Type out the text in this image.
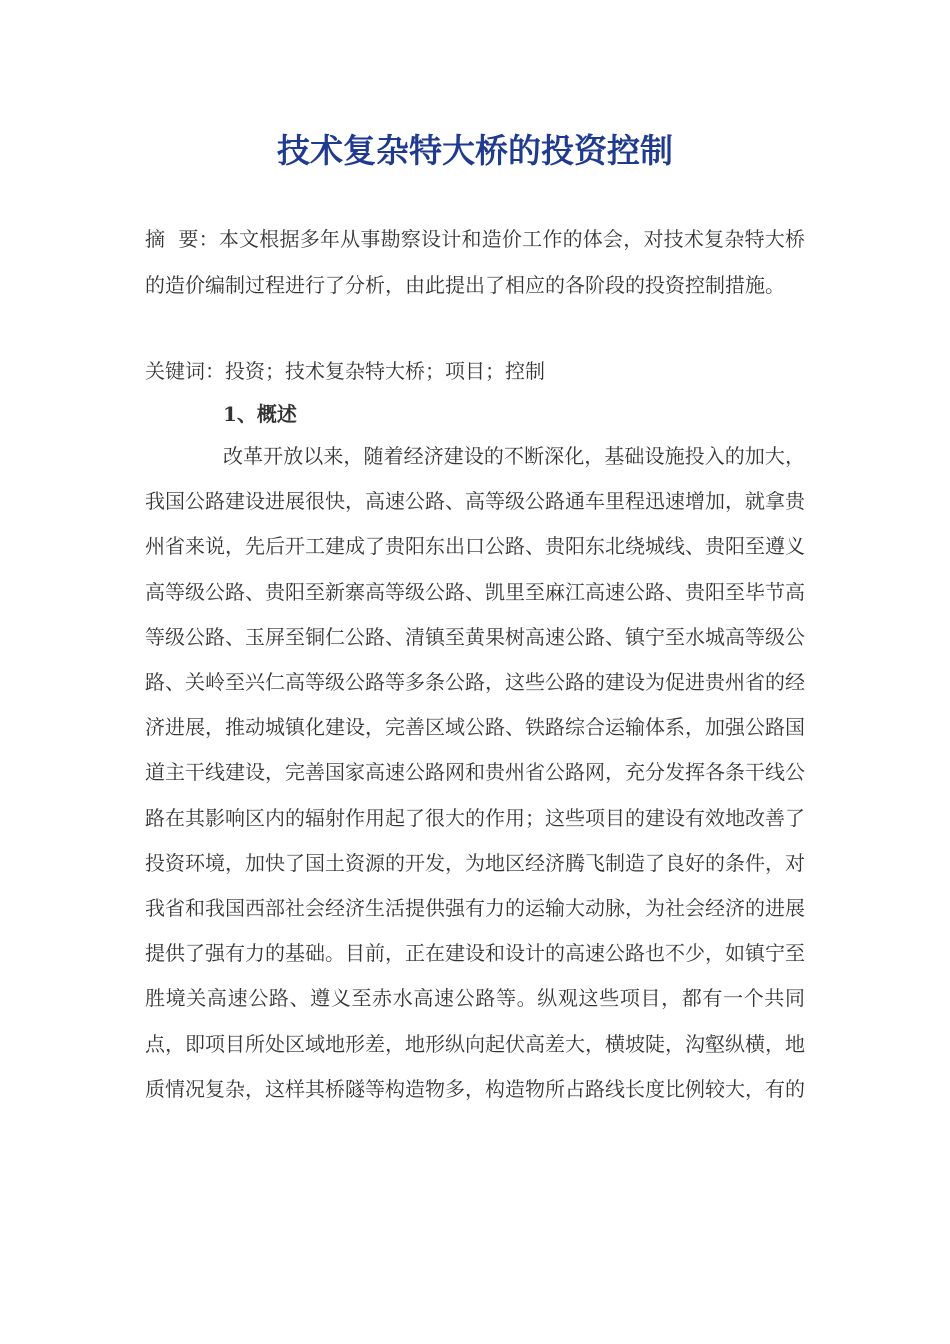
技术复杂特大桥的投资控制
摘  要：本文根据多年从事勘察设计和造价工作的体会，对技术复杂特大桥的造价编制过程进行了分析，由此提出了相应的各阶段的投资控制措施。
关键词：投资；技术复杂特大桥；项目；控制
1、概述
改革开放以来，随着经济建设的不断深化，基础设施投入的加大，我国公路建设进展很快，高速公路、高等级公路通车里程迅速增加，就拿贵州省来说，先后开工建成了贵阳东出口公路、贵阳东北绕城线、贵阳至遵义高等级公路、贵阳至新寨高等级公路、凯里至麻江高速公路、贵阳至毕节高等级公路、玉屏至铜仁公路、清镇至黄果树高速公路、镇宁至水城高等级公路、关岭至兴仁高等级公路等多条公路，这些公路的建设为促进贵州省的经济进展，推动城镇化建设，完善区域公路、铁路综合运输体系，加强公路国道主干线建设，完善国家高速公路网和贵州省公路网，充分发挥各条干线公路在其影响区内的辐射作用起了很大的作用；这些项目的建设有效地改善了投资环境，加快了国土资源的开发，为地区经济腾飞制造了良好的条件，对我省和我国西部社会经济生活提供强有力的运输大动脉，为社会经济的进展提供了强有力的基础。目前，正在建设和设计的高速公路也不少，如镇宁至胜境关高速公路、遵义至赤水高速公路等。纵观这些项目，都有一个共同点，即项目所处区域地形差，地形纵向起伏高差大，横坡陡，沟壑纵横，地质情况复杂，这样其桥隧等构造物多，构造物所占路线长度比例较大，有的
